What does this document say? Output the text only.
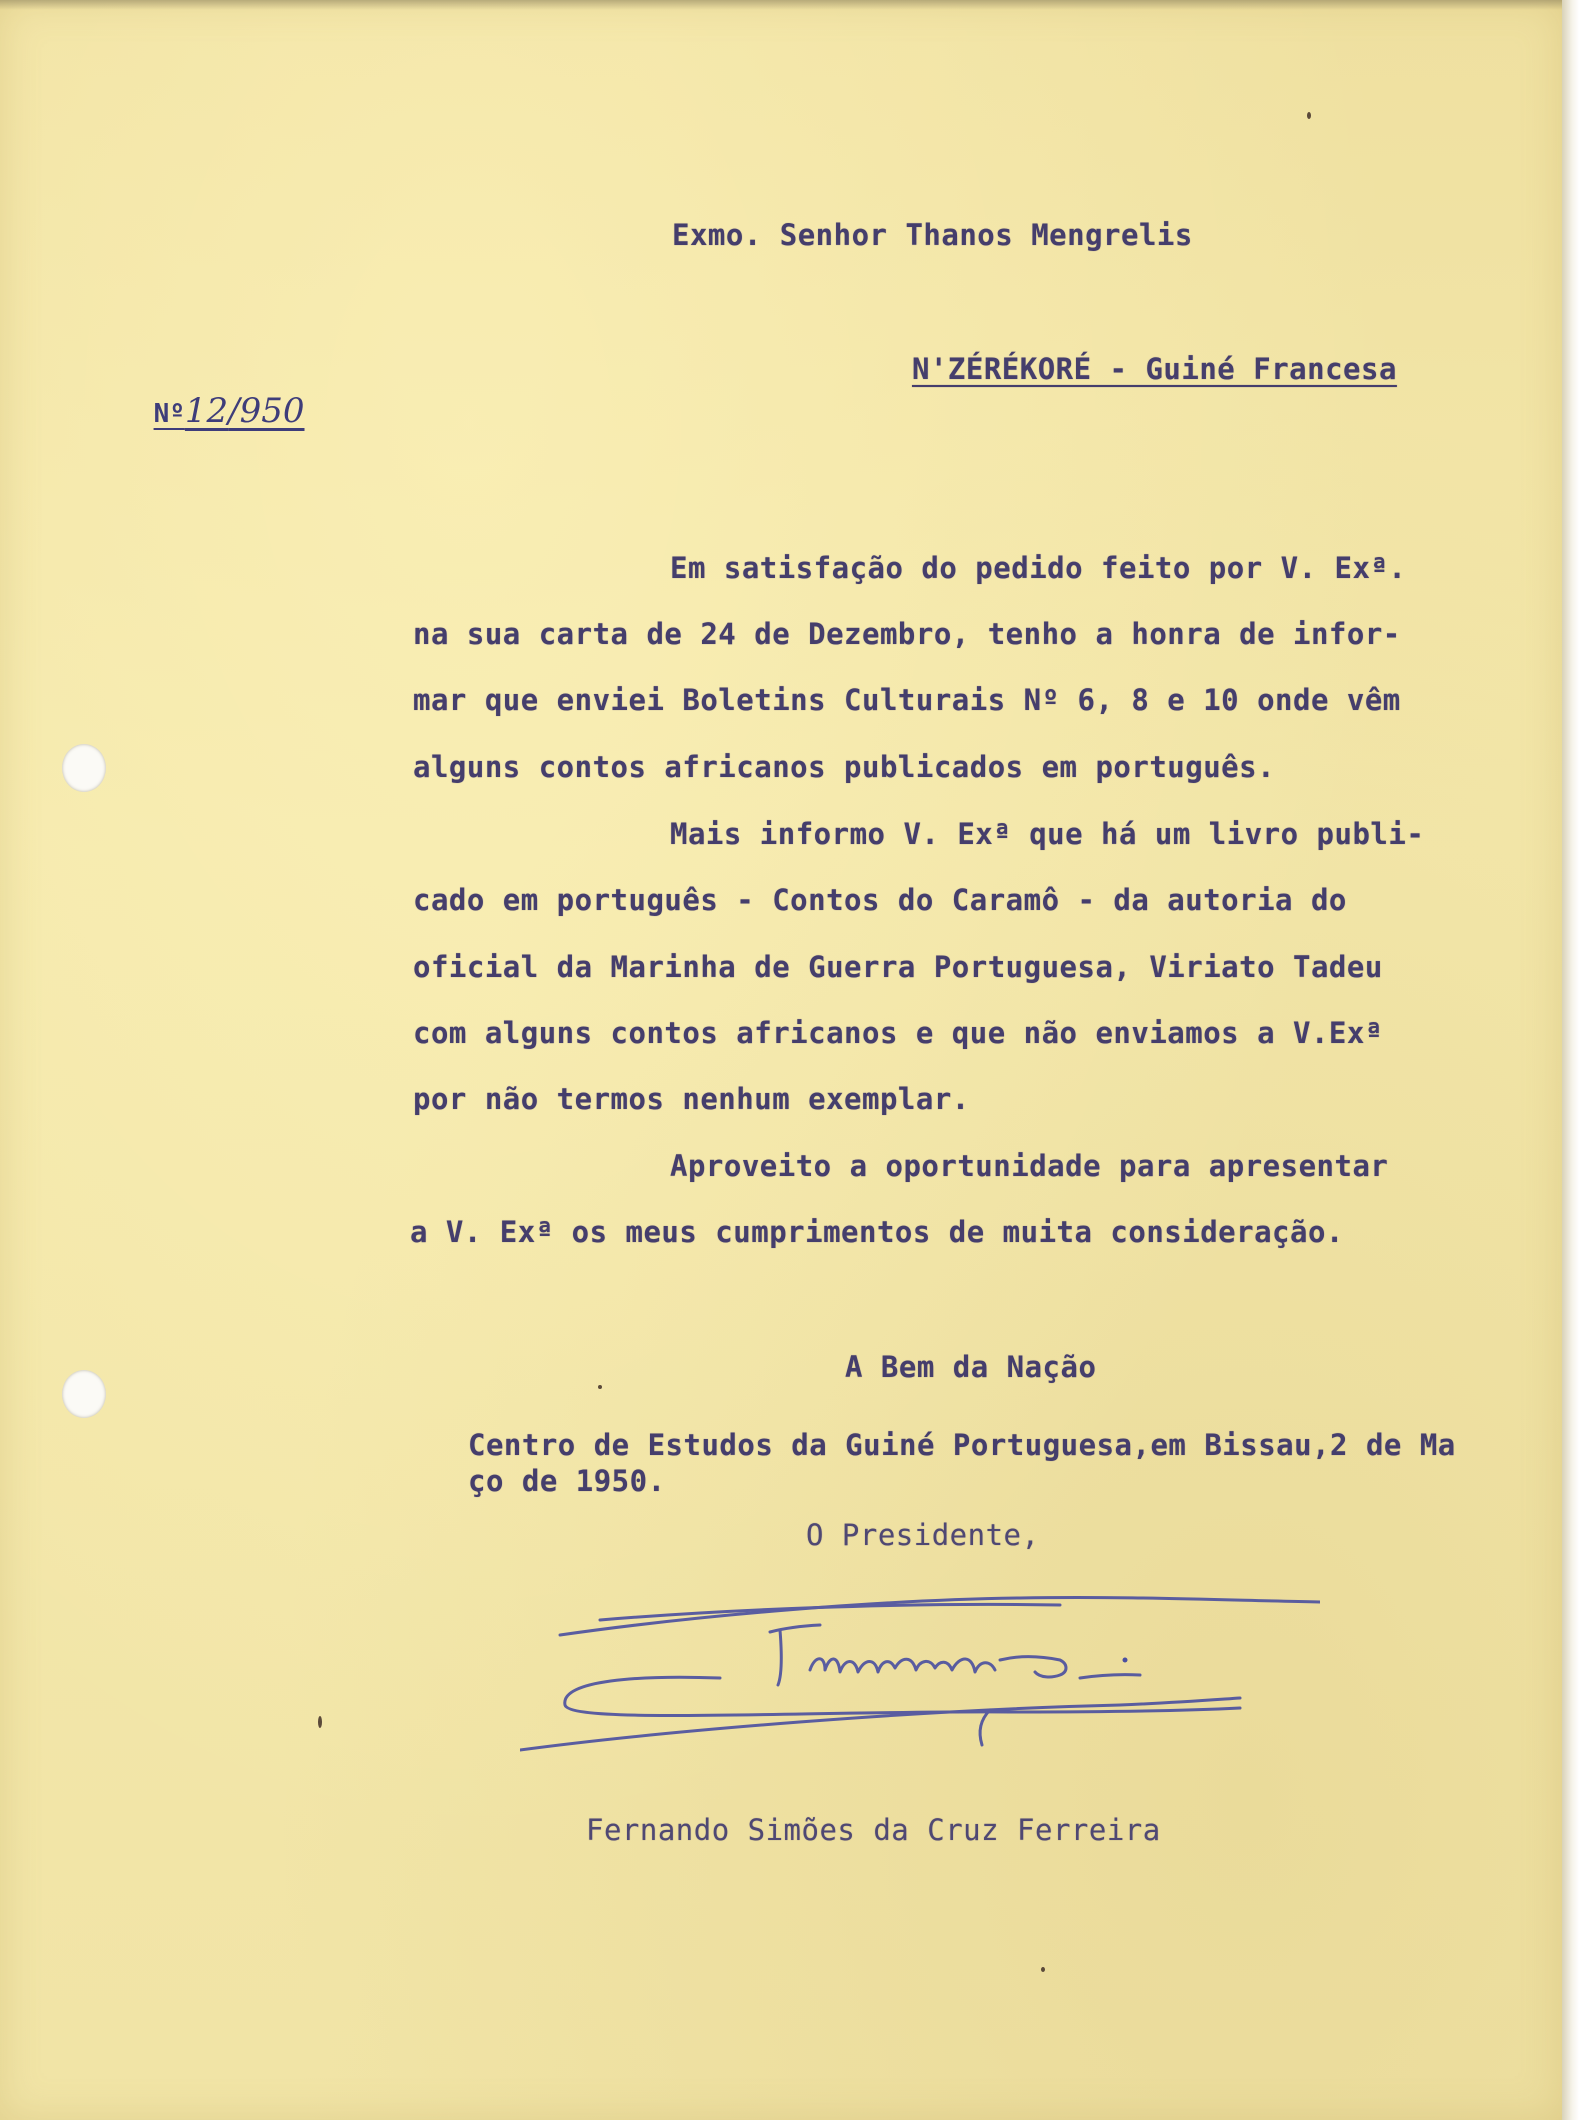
Exmo. Senhor Thanos Mengrelis
N'ZÉRÉKORÉ - Guiné Francesa

Nº12/950

Em satisfação do pedido feito por V. Exª.
na sua carta de 24 de Dezembro, tenho a honra de infor-
mar que enviei Boletins Culturais Nº 6, 8 e 10 onde vêm
alguns contos africanos publicados em português.
Mais informo V. Exª que há um livro publi-
cado em português - Contos do Caramô - da autoria do
oficial da Marinha de Guerra Portuguesa, Viriato Tadeu
com alguns contos africanos e que não enviamos a V.Exª
por não termos nenhum exemplar.
Aproveito a oportunidade para apresentar
a V. Exª os meus cumprimentos de muita consideração.
A Bem da Nação
Centro de Estudos da Guiné Portuguesa,em Bissau,2 de Ma
ço de 1950.
O Presidente,
Fernando Simões da Cruz Ferreira
